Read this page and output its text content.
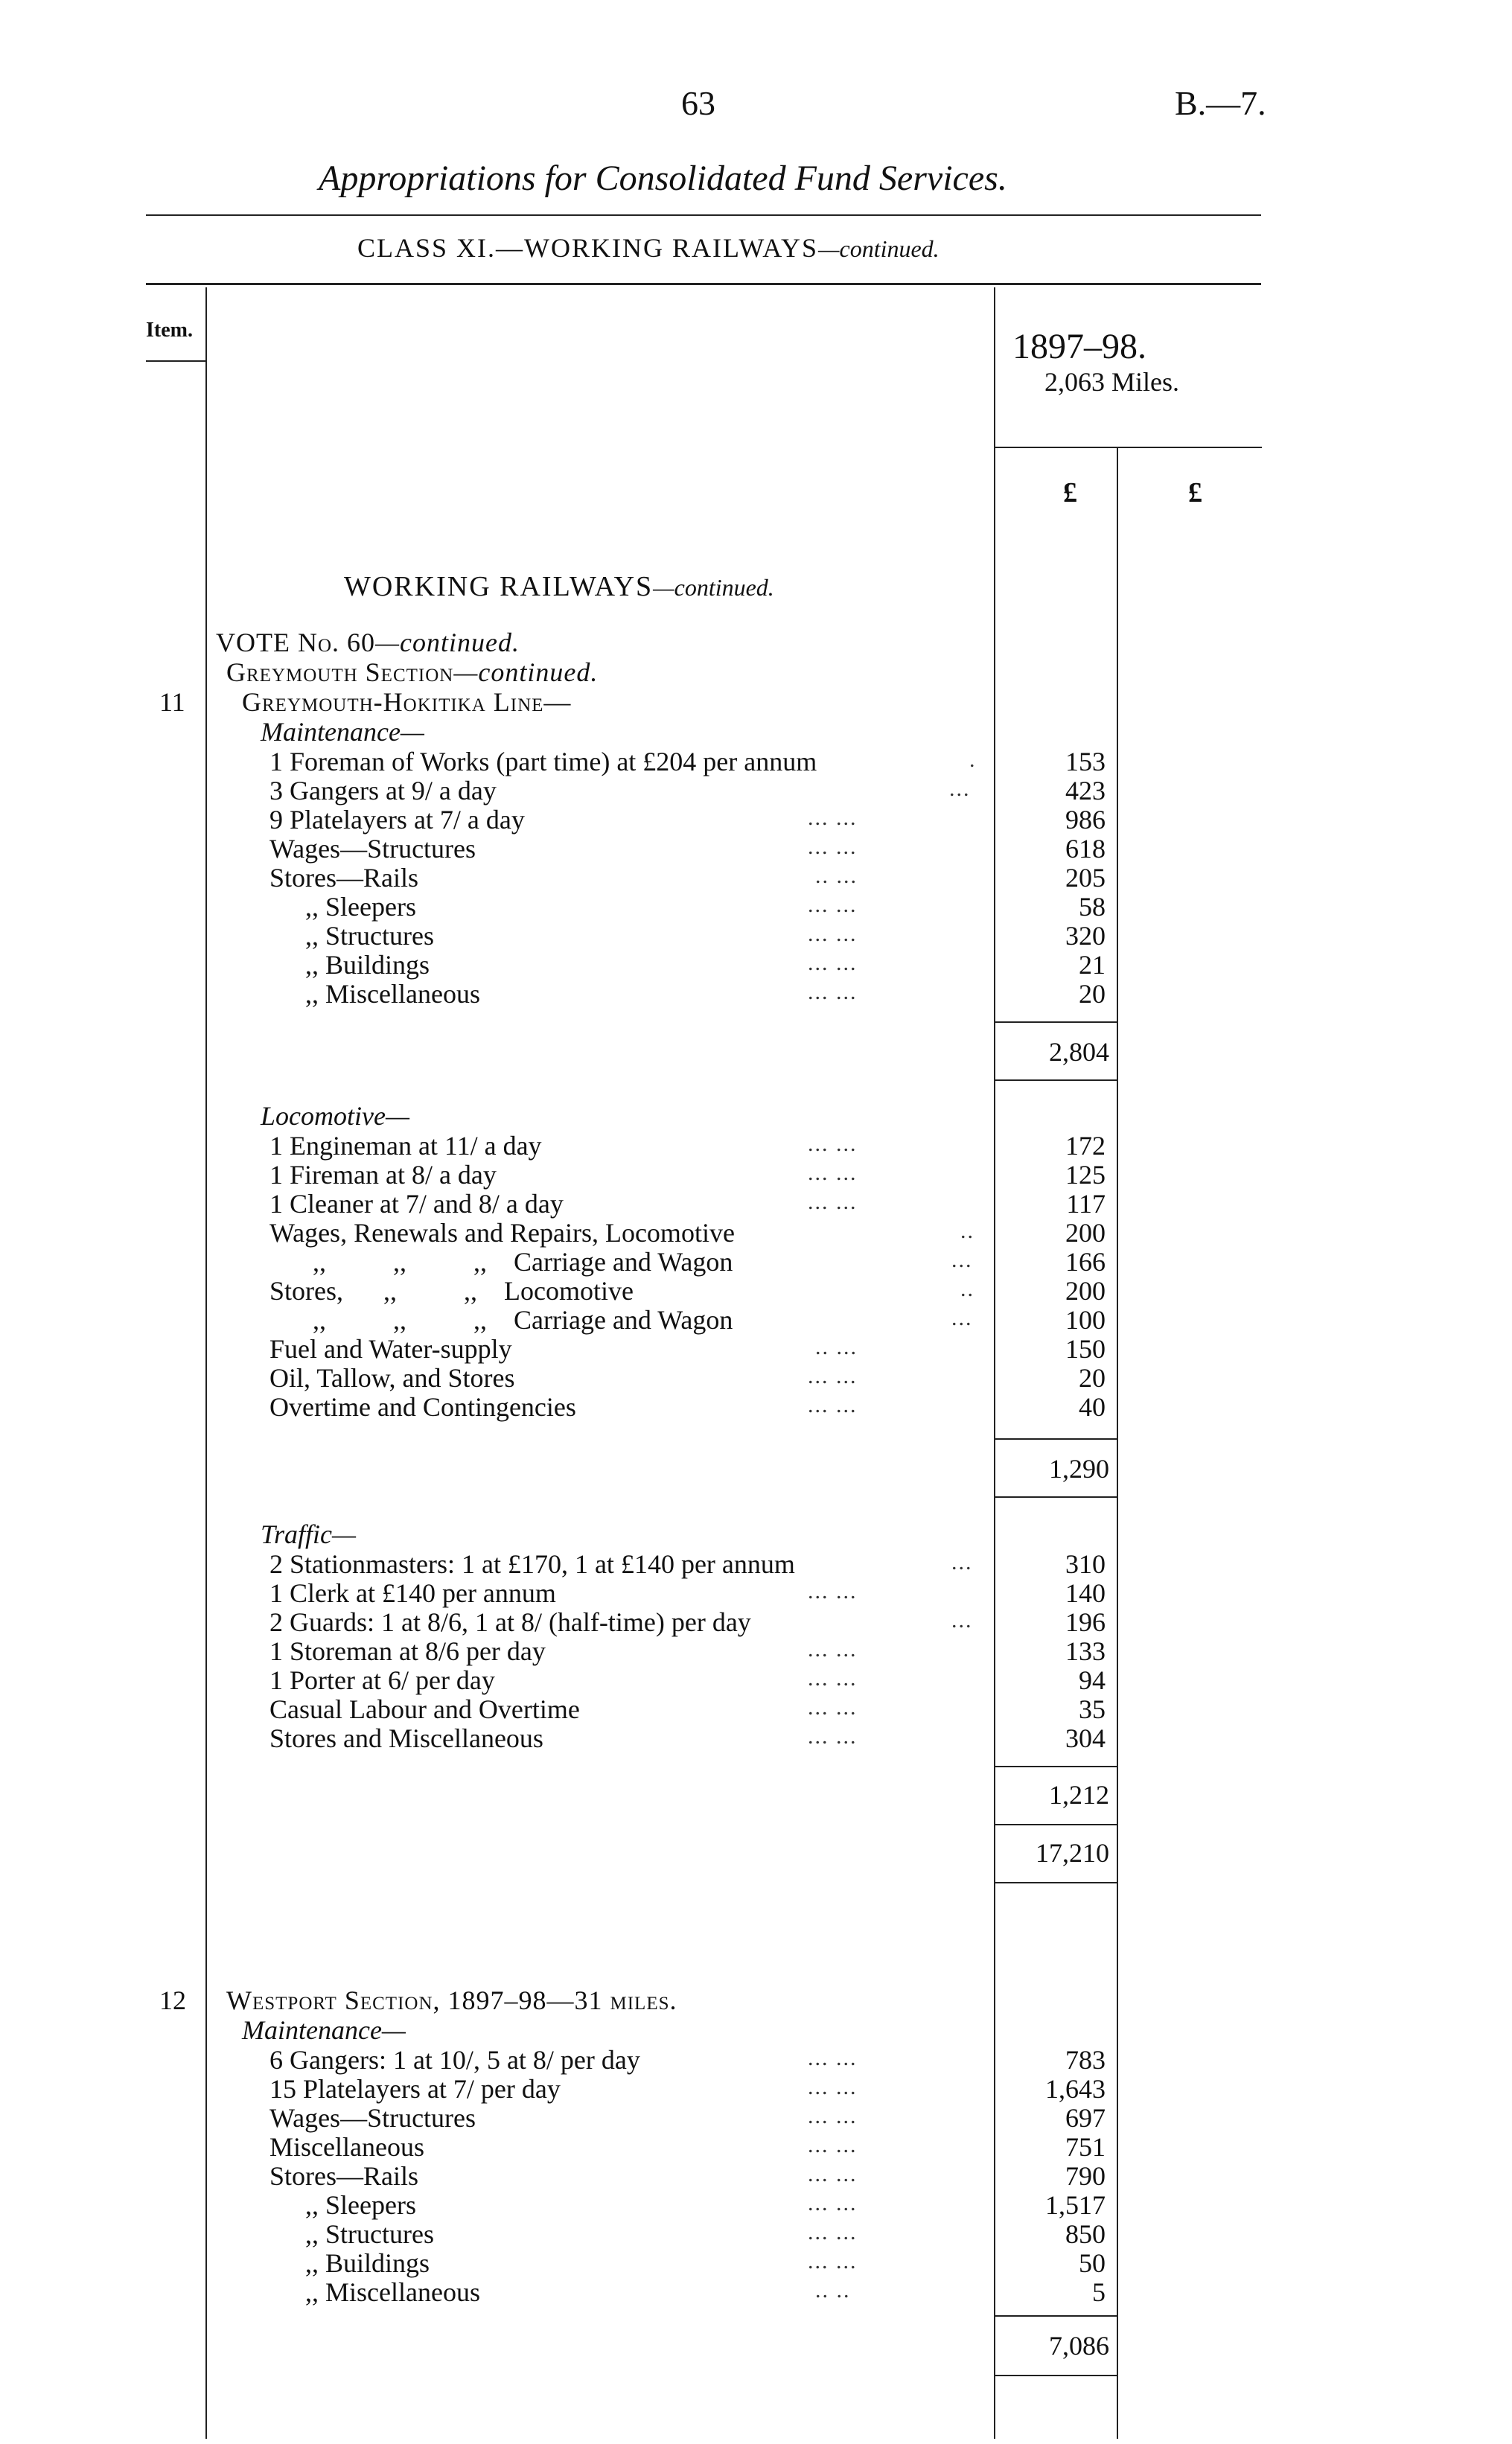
63	B.—7.
Appropriations for Consolidated Fund Services.
CLASS XI.—WORKING RAILWAYS—continued.
Item.	1897–98.
2,063 Miles.
£	£
WORKING RAILWAYS—continued.
VOTE No. 60—continued.
Greymouth Section—continued.
11 Greymouth-Hokitika Line—
Maintenance—
1 Foreman of Works (part time) at £204 per annum	.	153
3 Gangers at 9/ a day	...	423
9 Platelayers at 7/ a day	... ...	986
Wages—Structures	... ...	618
Stores—Rails	.. ...	205
,, Sleepers	... ...	58
,, Structures	... ...	320
,, Buildings	... ...	21
,, Miscellaneous	... ...	20
2,804
Locomotive—
1 Engineman at 11/ a day	... ...	172
1 Fireman at 8/ a day	... ...	125
1 Cleaner at 7/ and 8/ a day	... ...	117
Wages, Renewals and Repairs, Locomotive	..	200
,,          ,,          ,,    Carriage and Wagon	...	166
Stores,      ,,          ,,    Locomotive	..	200
,,          ,,          ,,    Carriage and Wagon	...	100
Fuel and Water-supply	.. ...	150
Oil, Tallow, and Stores	... ...	20
Overtime and Contingencies	... ...	40
1,290
Traffic—
2 Stationmasters: 1 at £170, 1 at £140 per annum	...	310
1 Clerk at £140 per annum	... ...	140
2 Guards: 1 at 8/6, 1 at 8/ (half-time) per day	...	196
1 Storeman at 8/6 per day	... ...	133
1 Porter at 6/ per day	... ...	94
Casual Labour and Overtime	... ...	35
Stores and Miscellaneous	... ...	304
1,212
17,210
12 Westport Section, 1897–98—31 miles.
Maintenance—
6 Gangers: 1 at 10/, 5 at 8/ per day	... ...	783
15 Platelayers at 7/ per day	... ...	1,643
Wages—Structures	... ...	697
Miscellaneous	... ...	751
Stores—Rails	... ...	790
,, Sleepers	... ...	1,517
,, Structures	... ...	850
,, Buildings	... ...	50
,, Miscellaneous	.. ..	5
7,086
